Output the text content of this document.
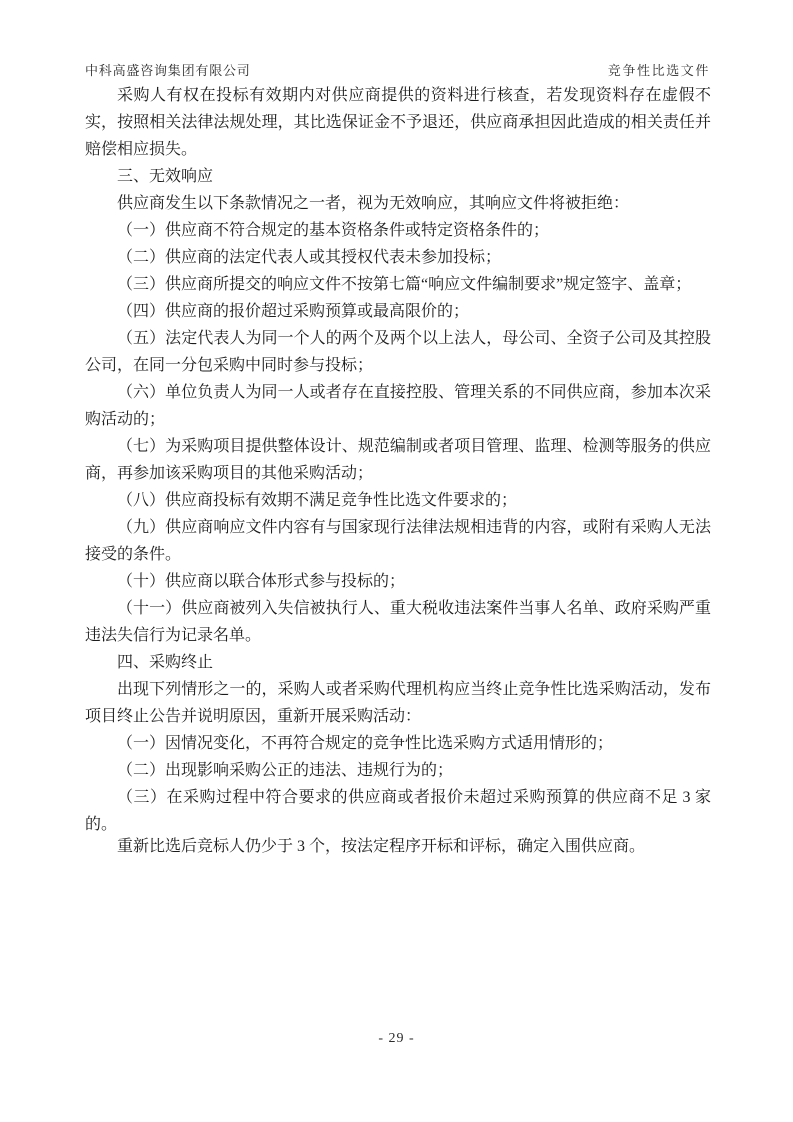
中科高盛咨询集团有限公司	竞争性比选文件

采购人有权在投标有效期内对供应商提供的资料进行核查，若发现资料存在虚假不实，按照相关法律法规处理，其比选保证金不予退还，供应商承担因此造成的相关责任并赔偿相应损失。

三、无效响应

供应商发生以下条款情况之一者，视为无效响应，其响应文件将被拒绝：

（一）供应商不符合规定的基本资格条件或特定资格条件的；

（二）供应商的法定代表人或其授权代表未参加投标；

（三）供应商所提交的响应文件不按第七篇“响应文件编制要求”规定签字、盖章；

（四）供应商的报价超过采购预算或最高限价的；

（五）法定代表人为同一个人的两个及两个以上法人，母公司、全资子公司及其控股公司，在同一分包采购中同时参与投标；

（六）单位负责人为同一人或者存在直接控股、管理关系的不同供应商，参加本次采购活动的；

（七）为采购项目提供整体设计、规范编制或者项目管理、监理、检测等服务的供应商，再参加该采购项目的其他采购活动；

（八）供应商投标有效期不满足竞争性比选文件要求的；

（九）供应商响应文件内容有与国家现行法律法规相违背的内容，或附有采购人无法接受的条件。

（十）供应商以联合体形式参与投标的；

（十一）供应商被列入失信被执行人、重大税收违法案件当事人名单、政府采购严重违法失信行为记录名单。

四、采购终止

出现下列情形之一的，采购人或者采购代理机构应当终止竞争性比选采购活动，发布项目终止公告并说明原因，重新开展采购活动：

（一）因情况变化，不再符合规定的竞争性比选采购方式适用情形的；

（二）出现影响采购公正的违法、违规行为的；

（三）在采购过程中符合要求的供应商或者报价未超过采购预算的供应商不足 3 家的。

重新比选后竞标人仍少于 3 个，按法定程序开标和评标，确定入围供应商。

- 29 -
